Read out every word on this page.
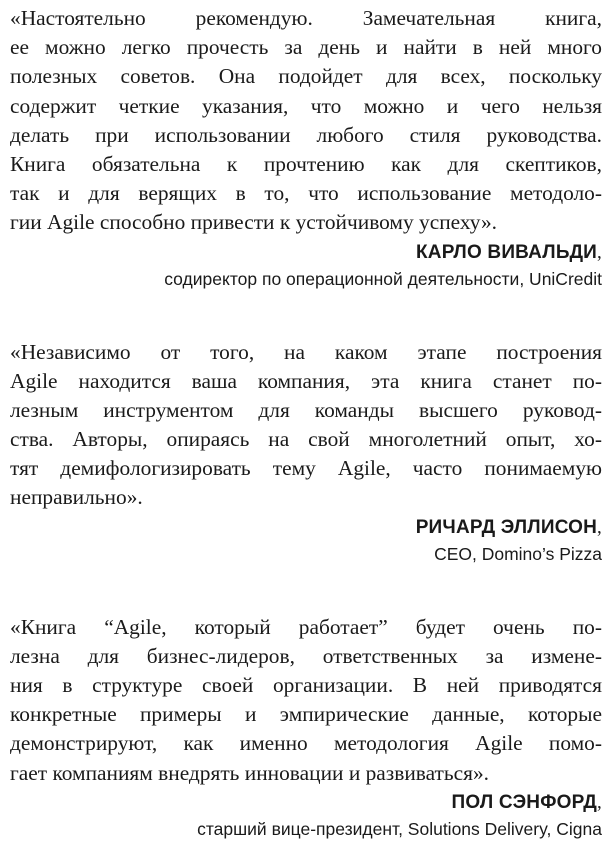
«Настоятельно рекомендую. Замечательная книга,
ее можно легко прочесть за день и найти в ней много
полезных советов. Она подойдет для всех, поскольку
содержит четкие указания, что можно и чего нельзя
делать при использовании любого стиля руководства.
Книга обязательна к прочтению как для скептиков,
так и для верящих в то, что использование методоло-
гии Agile способно привести к устойчивому успеху».
КАРЛО ВИВАЛЬДИ,
содиректор по операционной деятельности, UniCredit
«Независимо от того, на каком этапе построения
Agile находится ваша компания, эта книга станет по-
лезным инструментом для команды высшего руковод-
ства. Авторы, опираясь на свой многолетний опыт, хо-
тят демифологизировать тему Agile, часто понимаемую
неправильно».
РИЧАРД ЭЛЛИСОН,
CEO, Domino’s Pizza
«Книга “Agile, который работает” будет очень по-
лезна для бизнес-лидеров, ответственных за измене-
ния в структуре своей организации. В ней приводятся
конкретные примеры и эмпирические данные, которые
демонстрируют, как именно методология Agile помо-
гает компаниям внедрять инновации и развиваться».
ПОЛ СЭНФОРД,
старший вице-президент, Solutions Delivery, Cigna
